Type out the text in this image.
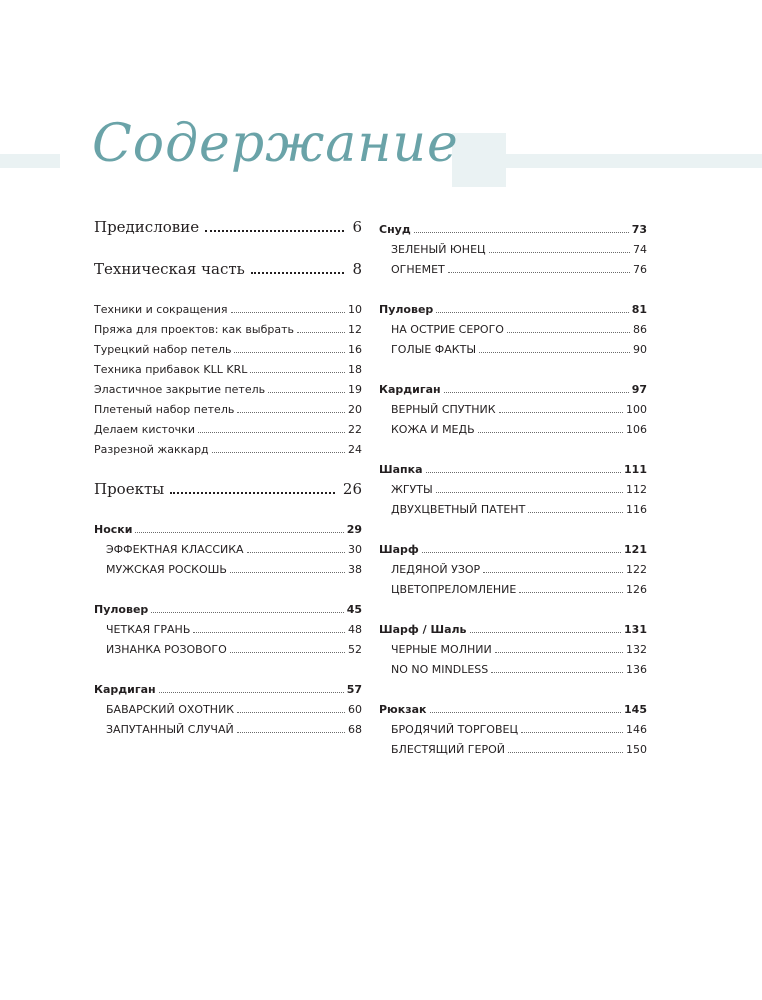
Содержание
Предисловие	6
Техническая часть	8
Техники и сокращения	10
Пряжа для проектов: как выбрать	12
Турецкий набор петель	16
Техника прибавок KLL KRL	18
Эластичное закрытие петель	19
Плетеный набор петель	20
Делаем кисточки	22
Разрезной жаккард	24
Проекты	26
Носки	29
ЭФФЕКТНАЯ КЛАССИКА	30
МУЖСКАЯ РОСКОШЬ	38
Пуловер	45
ЧЕТКАЯ ГРАНЬ	48
ИЗНАНКА РОЗОВОГО	52
Кардиган	57
БАВАРСКИЙ ОХОТНИК	60
ЗАПУТАННЫЙ СЛУЧАЙ	68
Снуд	73
ЗЕЛЕНЫЙ ЮНЕЦ	74
ОГНЕМЕТ	76
Пуловер	81
НА ОСТРИЕ СЕРОГО	86
ГОЛЫЕ ФАКТЫ	90
Кардиган	97
ВЕРНЫЙ СПУТНИК	100
КОЖА И МЕДЬ	106
Шапка	111
ЖГУТЫ	112
ДВУХЦВЕТНЫЙ ПАТЕНТ	116
Шарф	121
ЛЕДЯНОЙ УЗОР	122
ЦВЕТОПРЕЛОМЛЕНИЕ	126
Шарф / Шаль	131
ЧЕРНЫЕ МОЛНИИ	132
NO NO MINDLESS	136
Рюкзак	145
БРОДЯЧИЙ ТОРГОВЕЦ	146
БЛЕСТЯЩИЙ ГЕРОЙ	150
